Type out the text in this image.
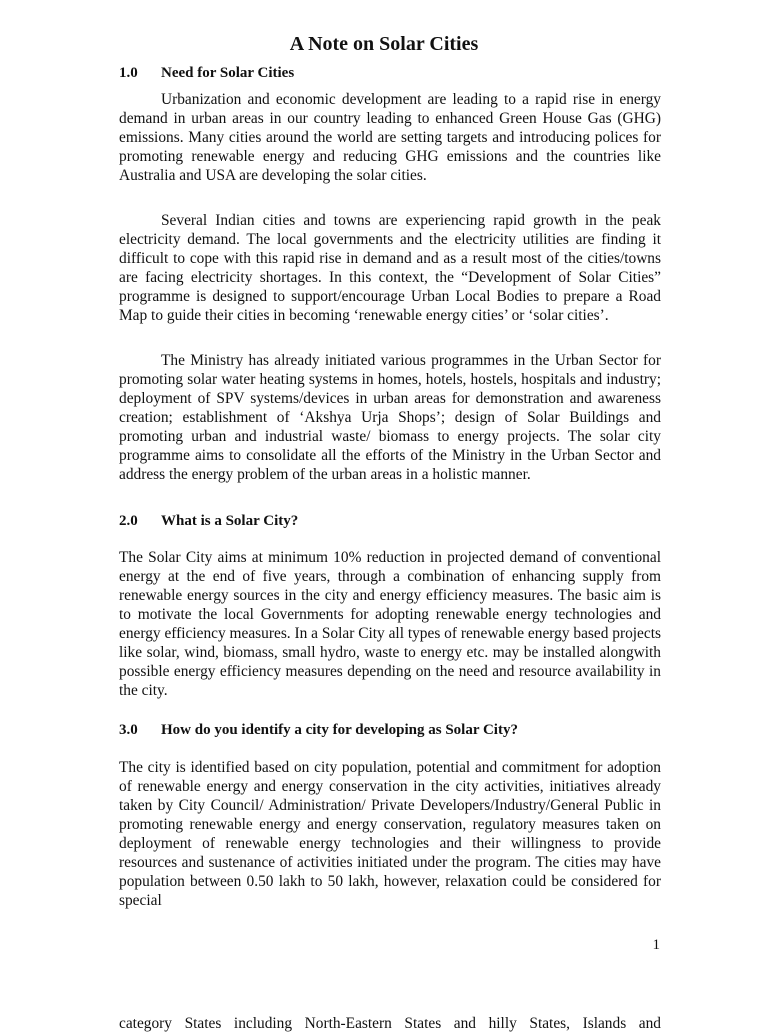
A Note on Solar Cities
1.0 Need for Solar Cities

Urbanization and economic development are leading to a rapid rise in energy demand in urban areas in our country leading to enhanced Green House Gas (GHG) emissions. Many cities around the world are setting targets and introducing polices for promoting renewable energy and reducing GHG emissions and the countries like Australia and USA are developing the solar cities.

Several Indian cities and towns are experiencing rapid growth in the peak electricity demand. The local governments and the electricity utilities are finding it difficult to cope with this rapid rise in demand and as a result most of the cities/towns are facing electricity shortages. In this context, the “Development of Solar Cities” programme is designed to support/encourage Urban Local Bodies to prepare a Road Map to guide their cities in becoming ‘renewable energy cities’ or ‘solar cities’.

The Ministry has already initiated various programmes in the Urban Sector for promoting solar water heating systems in homes, hotels, hostels, hospitals and industry; deployment of SPV systems/devices in urban areas for demonstration and awareness creation; establishment of ‘Akshya Urja Shops’; design of Solar Buildings and promoting urban and industrial waste/ biomass to energy projects. The solar city programme aims to consolidate all the efforts of the Ministry in the Urban Sector and address the energy problem of the urban areas in a holistic manner.

2.0 What is a Solar City?

The Solar City aims at minimum 10% reduction in projected demand of conventional energy at the end of five years, through a combination of enhancing supply from renewable energy sources in the city and energy efficiency measures. The basic aim is to motivate the local Governments for adopting renewable energy technologies and energy efficiency measures. In a Solar City all types of renewable energy based projects like solar, wind, biomass, small hydro, waste to energy etc. may be installed alongwith possible energy efficiency measures depending on the need and resource availability in the city.

3.0 How do you identify a city for developing as Solar City?

The city is identified based on city population, potential and commitment for adoption of renewable energy and energy conservation in the city activities, initiatives already taken by City Council/ Administration/ Private Developers/Industry/General Public in promoting renewable energy and energy conservation, regulatory measures taken on deployment of renewable energy technologies and their willingness to provide resources and sustenance of activities initiated under the program. The cities may have population between 0.50 lakh to 50 lakh, however, relaxation could be considered for special

1
category States including North-Eastern States and hilly States, Islands and
